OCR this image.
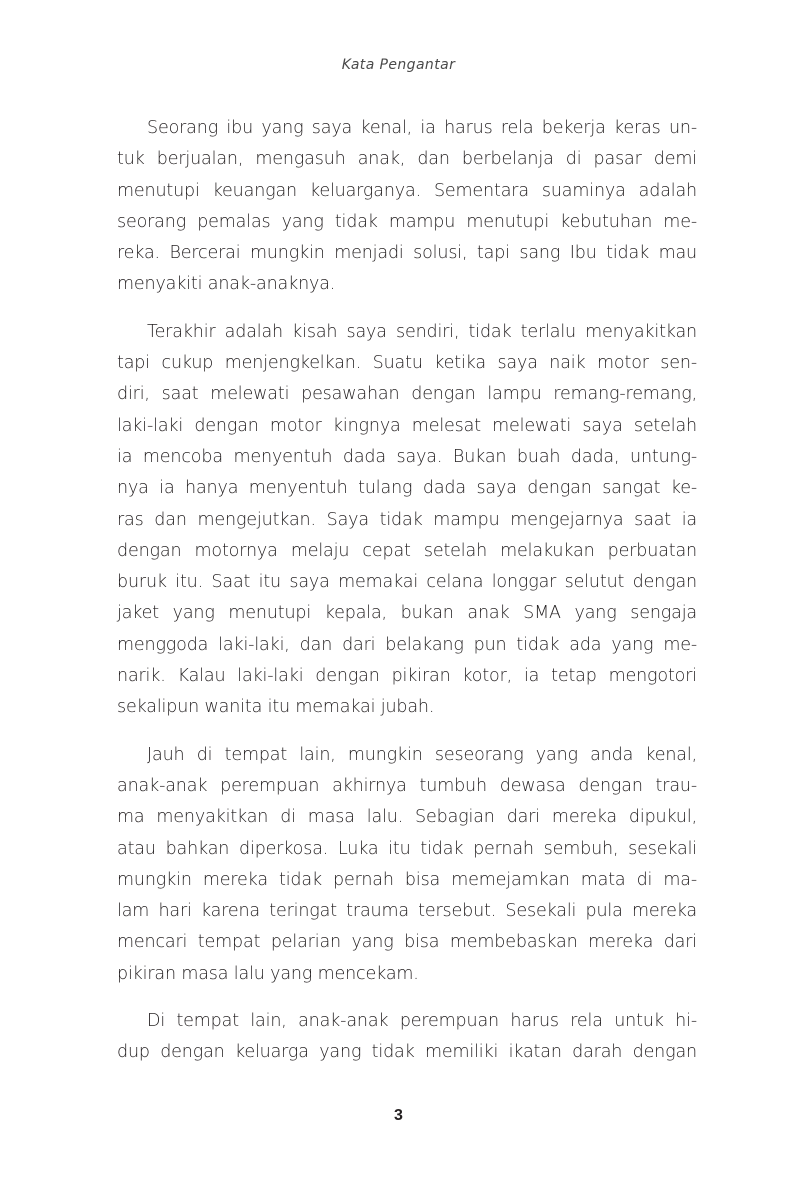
Kata Pengantar
Seorang ibu yang saya kenal, ia harus rela bekerja keras un-
tuk berjualan, mengasuh anak, dan berbelanja di pasar demi
menutupi keuangan keluarganya. Sementara suaminya adalah
seorang pemalas yang tidak mampu menutupi kebutuhan me-
reka. Bercerai mungkin menjadi solusi, tapi sang Ibu tidak mau
menyakiti anak-anaknya.
Terakhir adalah kisah saya sendiri, tidak terlalu menyakitkan
tapi cukup menjengkelkan. Suatu ketika saya naik motor sen-
diri, saat melewati pesawahan dengan lampu remang-remang,
laki-laki dengan motor kingnya melesat melewati saya setelah
ia mencoba menyentuh dada saya. Bukan buah dada, untung-
nya ia hanya menyentuh tulang dada saya dengan sangat ke-
ras dan mengejutkan. Saya tidak mampu mengejarnya saat ia
dengan motornya melaju cepat setelah melakukan perbuatan
buruk itu. Saat itu saya memakai celana longgar selutut dengan
jaket yang menutupi kepala, bukan anak SMA yang sengaja
menggoda laki-laki, dan dari belakang pun tidak ada yang me-
narik. Kalau laki-laki dengan pikiran kotor, ia tetap mengotori
sekalipun wanita itu memakai jubah.
Jauh di tempat lain, mungkin seseorang yang anda kenal,
anak-anak perempuan akhirnya tumbuh dewasa dengan trau-
ma menyakitkan di masa lalu. Sebagian dari mereka dipukul,
atau bahkan diperkosa. Luka itu tidak pernah sembuh, sesekali
mungkin mereka tidak pernah bisa memejamkan mata di ma-
lam hari karena teringat trauma tersebut. Sesekali pula mereka
mencari tempat pelarian yang bisa membebaskan mereka dari
pikiran masa lalu yang mencekam.
Di tempat lain, anak-anak perempuan harus rela untuk hi-
dup dengan keluarga yang tidak memiliki ikatan darah dengan
3
